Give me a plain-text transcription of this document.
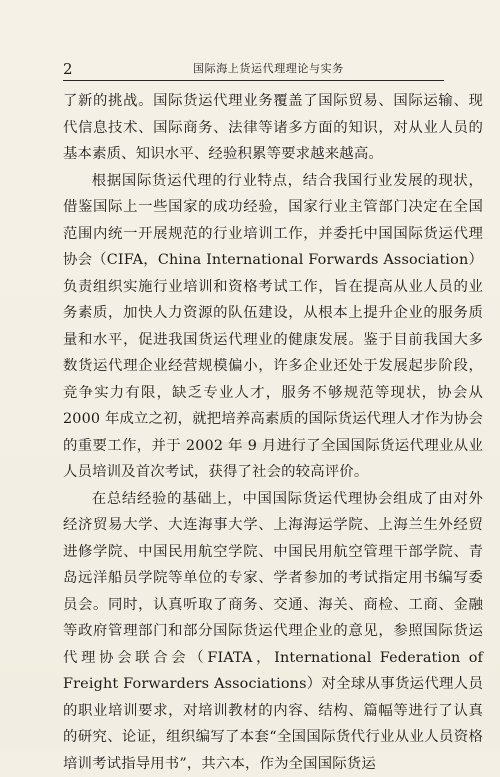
2	国际海上货运代理理论与实务

了新的挑战。国际货运代理业务覆盖了国际贸易、国际运输、现代信息技术、国际商务、法律等诸多方面的知识，对从业人员的基本素质、知识水平、经验积累等要求越来越高。

根据国际货运代理的行业特点，结合我国行业发展的现状，借鉴国际上一些国家的成功经验，国家行业主管部门决定在全国范围内统一开展规范的行业培训工作，并委托中国国际货运代理协会（CIFA，China International Forwards Association）负责组织实施行业培训和资格考试工作，旨在提高从业人员的业务素质，加快人力资源的队伍建设，从根本上提升企业的服务质量和水平，促进我国货运代理业的健康发展。鉴于目前我国大多数货运代理企业经营规模偏小，许多企业还处于发展起步阶段，竞争实力有限，缺乏专业人才，服务不够规范等现状，协会从 2000 年成立之初，就把培养高素质的国际货运代理人才作为协会的重要工作，并于 2002 年 9 月进行了全国国际货运代理业从业人员培训及首次考试，获得了社会的较高评价。

在总结经验的基础上，中国国际货运代理协会组成了由对外经济贸易大学、大连海事大学、上海海运学院、上海兰生外经贸进修学院、中国民用航空学院、中国民用航空管理干部学院、青岛远洋船员学院等单位的专家、学者参加的考试指定用书编写委员会。同时，认真听取了商务、交通、海关、商检、工商、金融等政府管理部门和部分国际货运代理企业的意见，参照国际货运代理协会联合会（FIATA，International Federation of Freight Forwarders Associations）对全球从事货运代理人员的职业培训要求，对培训教材的内容、结构、篇幅等进行了认真的研究、论证，组织编写了本套“全国国际货代行业从业人员资格培训考试指导用书”，共六本，作为全国国际货运
